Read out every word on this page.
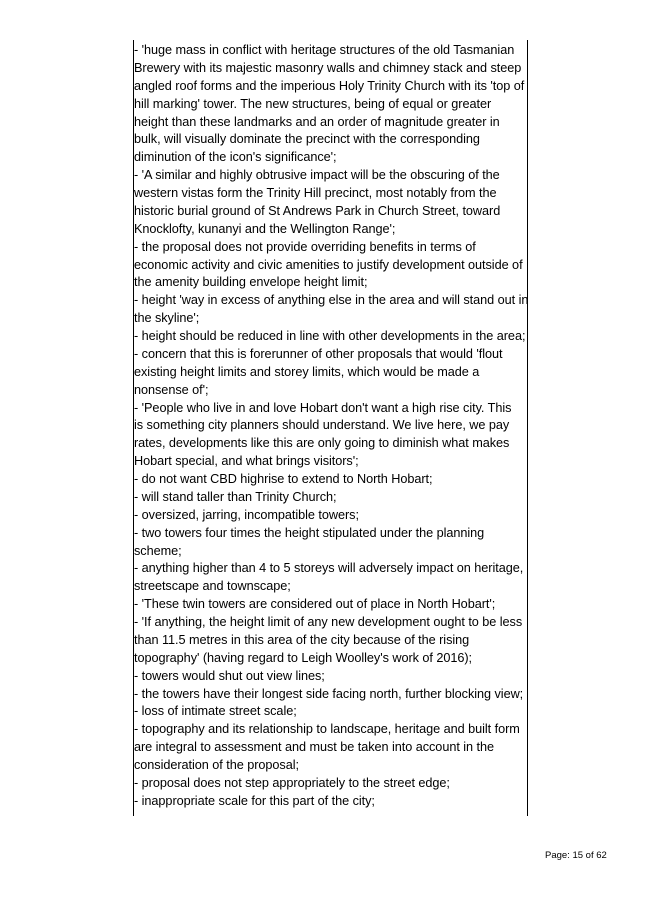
- 'huge mass in conflict with heritage structures of the old Tasmanian
Brewery with its majestic masonry walls and chimney stack and steep
angled roof forms and the imperious Holy Trinity Church with its 'top of
hill marking' tower. The new structures, being of equal or greater
height than these landmarks and an order of magnitude greater in
bulk, will visually dominate the precinct with the corresponding
diminution of the icon's significance';
- 'A similar and highly obtrusive impact will be the obscuring of the
western vistas form the Trinity Hill precinct, most notably from the
historic burial ground of St Andrews Park in Church Street, toward
Knocklofty, kunanyi and the Wellington Range';
- the proposal does not provide overriding benefits in terms of
economic activity and civic amenities to justify development outside of
the amenity building envelope height limit;
- height 'way in excess of anything else in the area and will stand out in
the skyline';
- height should be reduced in line with other developments in the area;
- concern that this is forerunner of other proposals that would 'flout
existing height limits and storey limits, which would be made a
nonsense of';
- 'People who live in and love Hobart don't want a high rise city. This
is something city planners should understand. We live here, we pay
rates, developments like this are only going to diminish what makes
Hobart special, and what brings visitors';
- do not want CBD highrise to extend to North Hobart;
- will stand taller than Trinity Church;
- oversized, jarring, incompatible towers;
- two towers four times the height stipulated under the planning
scheme;
- anything higher than 4 to 5 storeys will adversely impact on heritage,
streetscape and townscape;
- 'These twin towers are considered out of place in North Hobart';
- 'If anything, the height limit of any new development ought to be less
than 11.5 metres in this area of the city because of the rising
topography' (having regard to Leigh Woolley's work of 2016);
- towers would shut out view lines;
- the towers have their longest side facing north, further blocking view;
- loss of intimate street scale;
- topography and its relationship to landscape, heritage and built form
are integral to assessment and must be taken into account in the
consideration of the proposal;
- proposal does not step appropriately to the street edge;
- inappropriate scale for this part of the city;
Page: 15 of 62
